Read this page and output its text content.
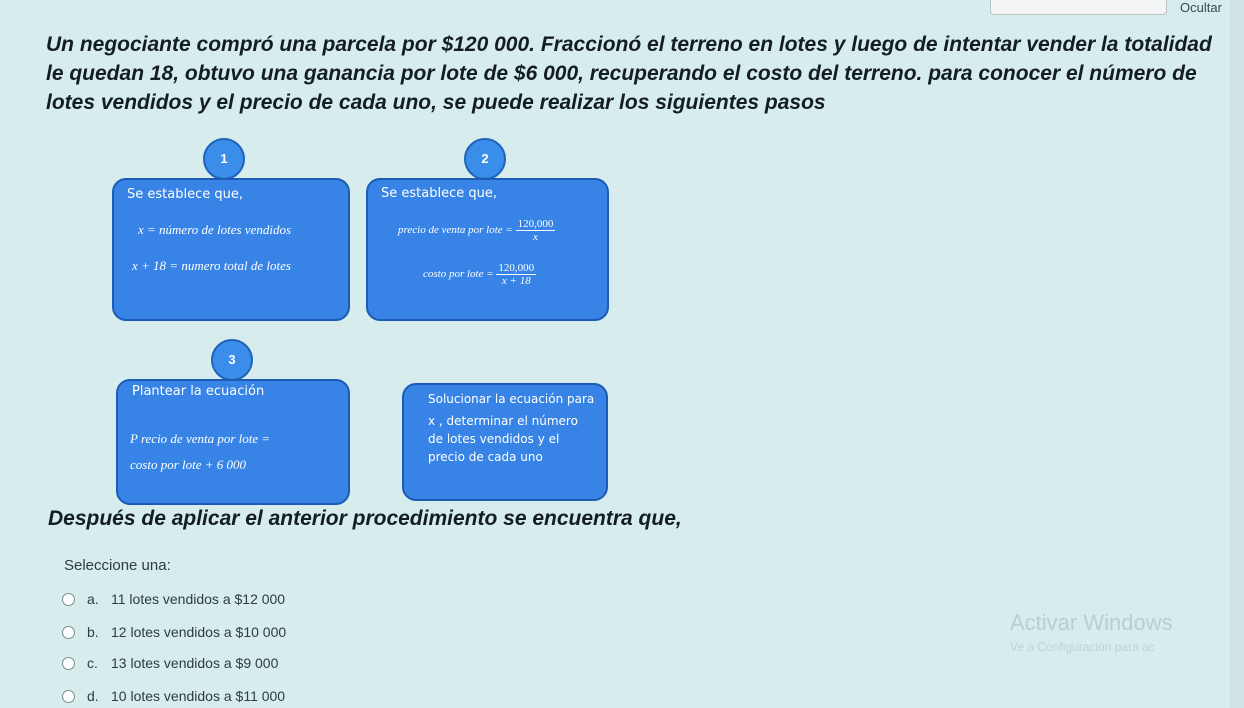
Ocultar
Un negociante compró una parcela por $120 000. Fraccionó el terreno en lotes y luego de intentar vender la totalidad le quedan 18, obtuvo una ganancia por lote de $6 000, recuperando el costo del terreno. para conocer el número de lotes vendidos y el precio de cada uno, se puede realizar los siguientes pasos
1
Se establece que,
x = número de lotes vendidos
x + 18 = numero total de lotes
2
Se establece que,
precio de venta por lote = $\frac{120,000}{x}$
costo por lote = $\frac{120,000}{x + 18}$
3
Plantear la ecuación
P recio de venta por lote =
costo por lote + 6 000
Solucionar la ecuación para
x , determinar el número
de lotes vendidos y el
precio de cada uno
Después de aplicar el anterior procedimiento se encuentra que,
Seleccione una:
a. 11 lotes vendidos a $12 000
b. 12 lotes vendidos a $10 000
c. 13 lotes vendidos a $9 000
d. 10 lotes vendidos a $11 000
Activar Windows
Ve a Configuración para ac
